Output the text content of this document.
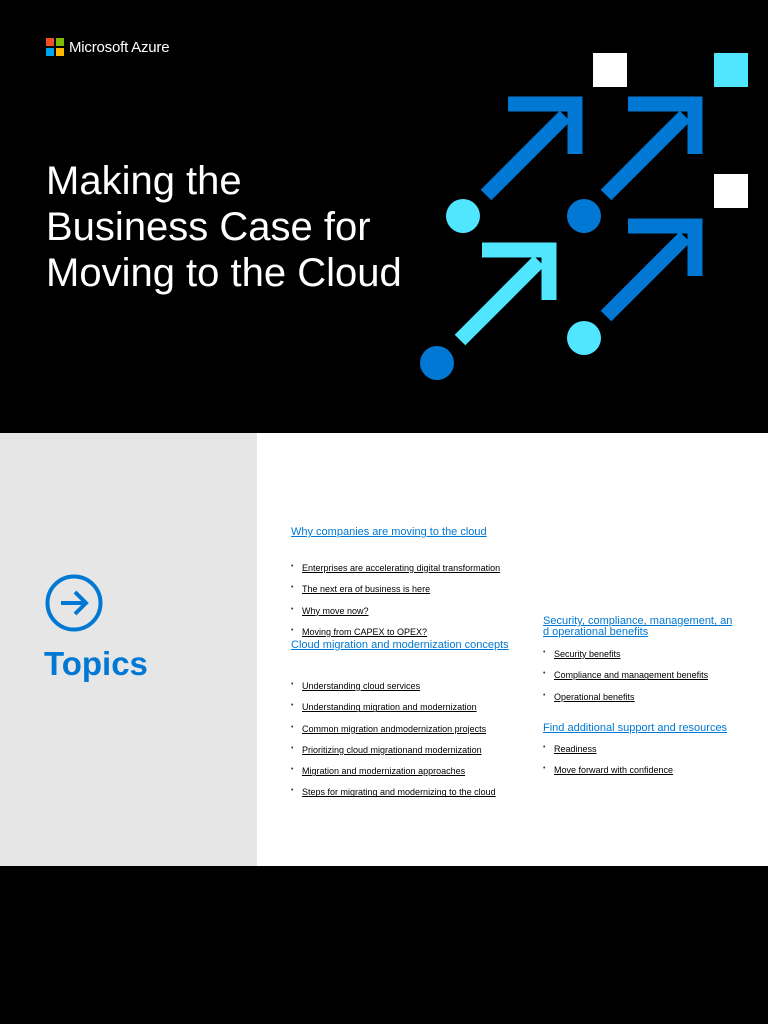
Microsoft Azure
Making the
Business Case for
Moving to the Cloud
Topics
Why companies are moving to the cloud
• Enterprises are accelerating digital transformation
• The next era of business is here
• Why move now?
• Moving from CAPEX to OPEX?
Cloud migration and modernization concepts
• Understanding cloud services
• Understanding migration and modernization
• Common migration andmodernization projects
• Prioritizing cloud migrationand modernization
• Migration and modernization approaches
• Steps for migrating and modernizing to the cloud
Security, compliance, management, an
d operational benefits
• Security benefits
• Compliance and management benefits
• Operational benefits
Find additional support and resources
• Readiness
• Move forward with confidence
